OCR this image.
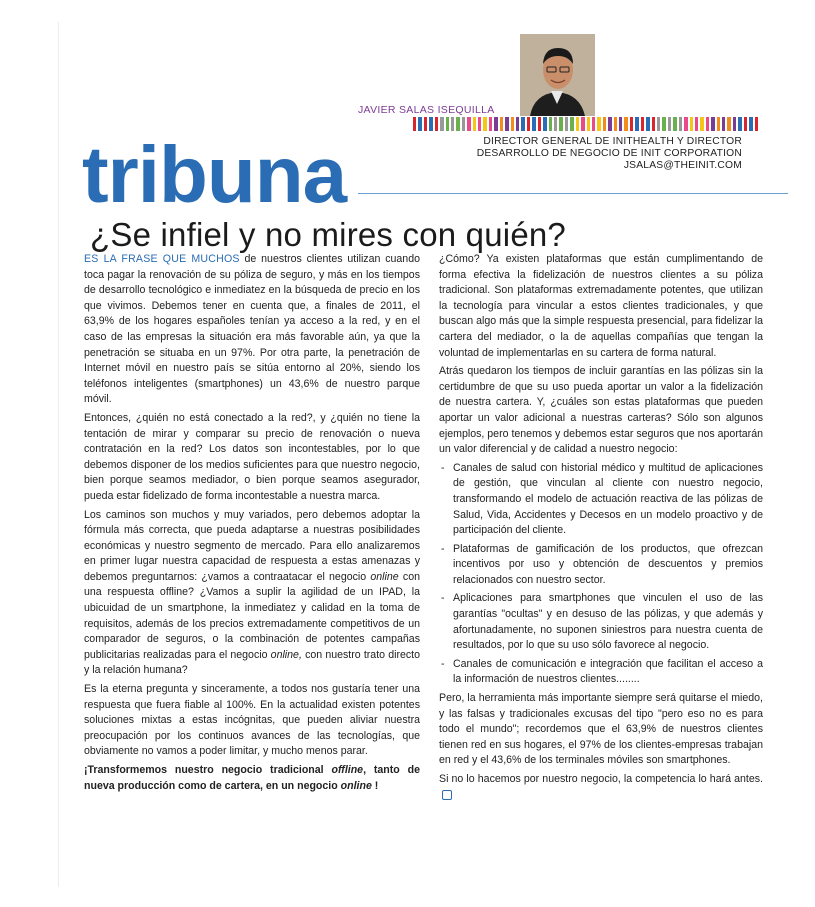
JAVIER SALAS ISEQUILLA
DIRECTOR GENERAL DE INITHEALTH Y DIRECTOR
DESARROLLO DE NEGOCIO DE INIT CORPORATION
JSALAS@THEINIT.COM
tribuna
¿Se infiel y no mires con quién?

ES LA FRASE QUE MUCHOS de nuestros clientes utilizan cuando toca pagar la renovación de su póliza de seguro, y más en los tiempos de desarrollo tecnológico e inmediatez en la búsqueda de precio en los que vivimos. Debemos tener en cuenta que, a finales de 2011, el 63,9% de los hogares españoles tenían ya acceso a la red, y en el caso de las empresas la situación era más favorable aún, ya que la penetración se situaba en un 97%. Por otra parte, la penetración de Internet móvil en nuestro país se sitúa entorno al 20%, siendo los teléfonos inteligentes (smartphones) un 43,6% de nuestro parque móvil.

Entonces, ¿quién no está conectado a la red?, y ¿quién no tiene la tentación de mirar y comparar su precio de renovación o nueva contratación en la red? Los datos son incontestables, por lo que debemos disponer de los medios suficientes para que nuestro negocio, bien porque seamos mediador, o bien porque seamos asegurador, pueda estar fidelizado de forma incontestable a nuestra marca.

Los caminos son muchos y muy variados, pero debemos adoptar la fórmula más correcta, que pueda adaptarse a nuestras posibilidades económicas y nuestro segmento de mercado. Para ello analizaremos en primer lugar nuestra capacidad de respuesta a estas amenazas y debemos preguntarnos: ¿vamos a contraatacar el negocio online con una respuesta offline? ¿Vamos a suplir la agilidad de un IPAD, la ubicuidad de un smartphone, la inmediatez y calidad en la toma de requisitos, además de los precios extremadamente competitivos de un comparador de seguros, o la combinación de potentes campañas publicitarias realizadas para el negocio online, con nuestro trato directo y la relación humana?

Es la eterna pregunta y sinceramente, a todos nos gustaría tener una respuesta que fuera fiable al 100%. En la actualidad existen potentes soluciones mixtas a estas incógnitas, que pueden aliviar nuestra preocupación por los continuos avances de las tecnologías, que obviamente no vamos a poder limitar, y mucho menos parar.

¡Transformemos nuestro negocio tradicional offline, tanto de nueva producción como de cartera, en un negocio online !

¿Cómo? Ya existen plataformas que están cumplimentando de forma efectiva la fidelización de nuestros clientes a su póliza tradicional. Son plataformas extremadamente potentes, que utilizan la tecnología para vincular a estos clientes tradicionales, y que buscan algo más que la simple respuesta presencial, para fidelizar la cartera del mediador, o la de aquellas compañías que tengan la voluntad de implementarlas en su cartera de forma natural.

Atrás quedaron los tiempos de incluir garantías en las pólizas sin la certidumbre de que su uso pueda aportar un valor a la fidelización de nuestra cartera. Y, ¿cuáles son estas plataformas que pueden aportar un valor adicional a nuestras carteras? Sólo son algunos ejemplos, pero tenemos y debemos estar seguros que nos aportarán un valor diferencial y de calidad a nuestro negocio:

- Canales de salud con historial médico y multitud de aplicaciones de gestión, que vinculan al cliente con nuestro negocio, transformando el modelo de actuación reactiva de las pólizas de Salud, Vida, Accidentes y Decesos en un modelo proactivo y de participación del cliente.
- Plataformas de gamificación de los productos, que ofrezcan incentivos por uso y obtención de descuentos y premios relacionados con nuestro sector.
- Aplicaciones para smartphones que vinculen el uso de las garantías "ocultas" y en desuso de las pólizas, y que además y afortunadamente, no suponen siniestros para nuestra cuenta de resultados, por lo que su uso sólo favorece al negocio.
- Canales de comunicación e integración que facilitan el acceso a la información de nuestros clientes........

Pero, la herramienta más importante siempre será quitarse el miedo, y las falsas y tradicionales excusas del tipo "pero eso no es para todo el mundo"; recordemos que el 63,9% de nuestros clientes tienen red en sus hogares, el 97% de los clientes-empresas trabajan en red y el 43,6% de los terminales móviles son smartphones.

Si no lo hacemos por nuestro negocio, la competencia lo hará antes.
